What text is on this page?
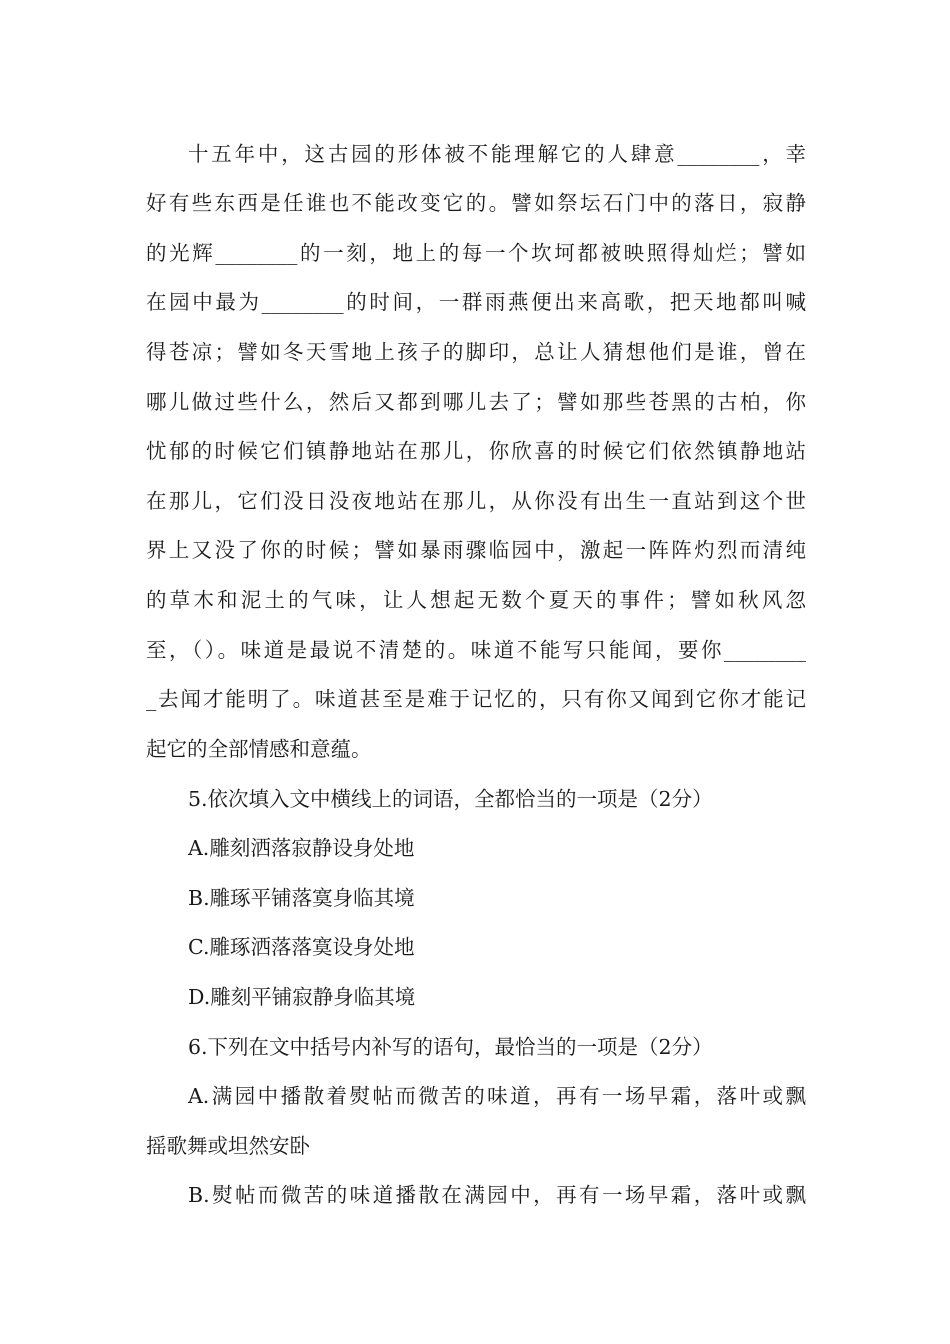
十五年中，这古园的形体被不能理解它的人肆意________，幸
好有些东西是任谁也不能改变它的。譬如祭坛石门中的落日，寂静
的光辉________的一刻，地上的每一个坎坷都被映照得灿烂；譬如
在园中最为________的时间，一群雨燕便出来高歌，把天地都叫喊
得苍凉；譬如冬天雪地上孩子的脚印，总让人猜想他们是谁，曾在
哪儿做过些什么，然后又都到哪儿去了；譬如那些苍黑的古柏，你
忧郁的时候它们镇静地站在那儿，你欣喜的时候它们依然镇静地站
在那儿，它们没日没夜地站在那儿，从你没有出生一直站到这个世
界上又没了你的时候；譬如暴雨骤临园中，激起一阵阵灼烈而清纯
的草木和泥土的气味，让人想起无数个夏天的事件；譬如秋风忽
至，（）。味道是最说不清楚的。味道不能写只能闻，要你________
_去闻才能明了。味道甚至是难于记忆的，只有你又闻到它你才能记
起它的全部情感和意蕴。
5.依次填入文中横线上的词语，全都恰当的一项是（2分）
A.雕刻洒落寂静设身处地
B.雕琢平铺落寞身临其境
C.雕琢洒落落寞设身处地
D.雕刻平铺寂静身临其境
6.下列在文中括号内补写的语句，最恰当的一项是（2分）
A.满园中播散着熨帖而微苦的味道，再有一场早霜，落叶或飘
摇歌舞或坦然安卧
B.熨帖而微苦的味道播散在满园中，再有一场早霜，落叶或飘
